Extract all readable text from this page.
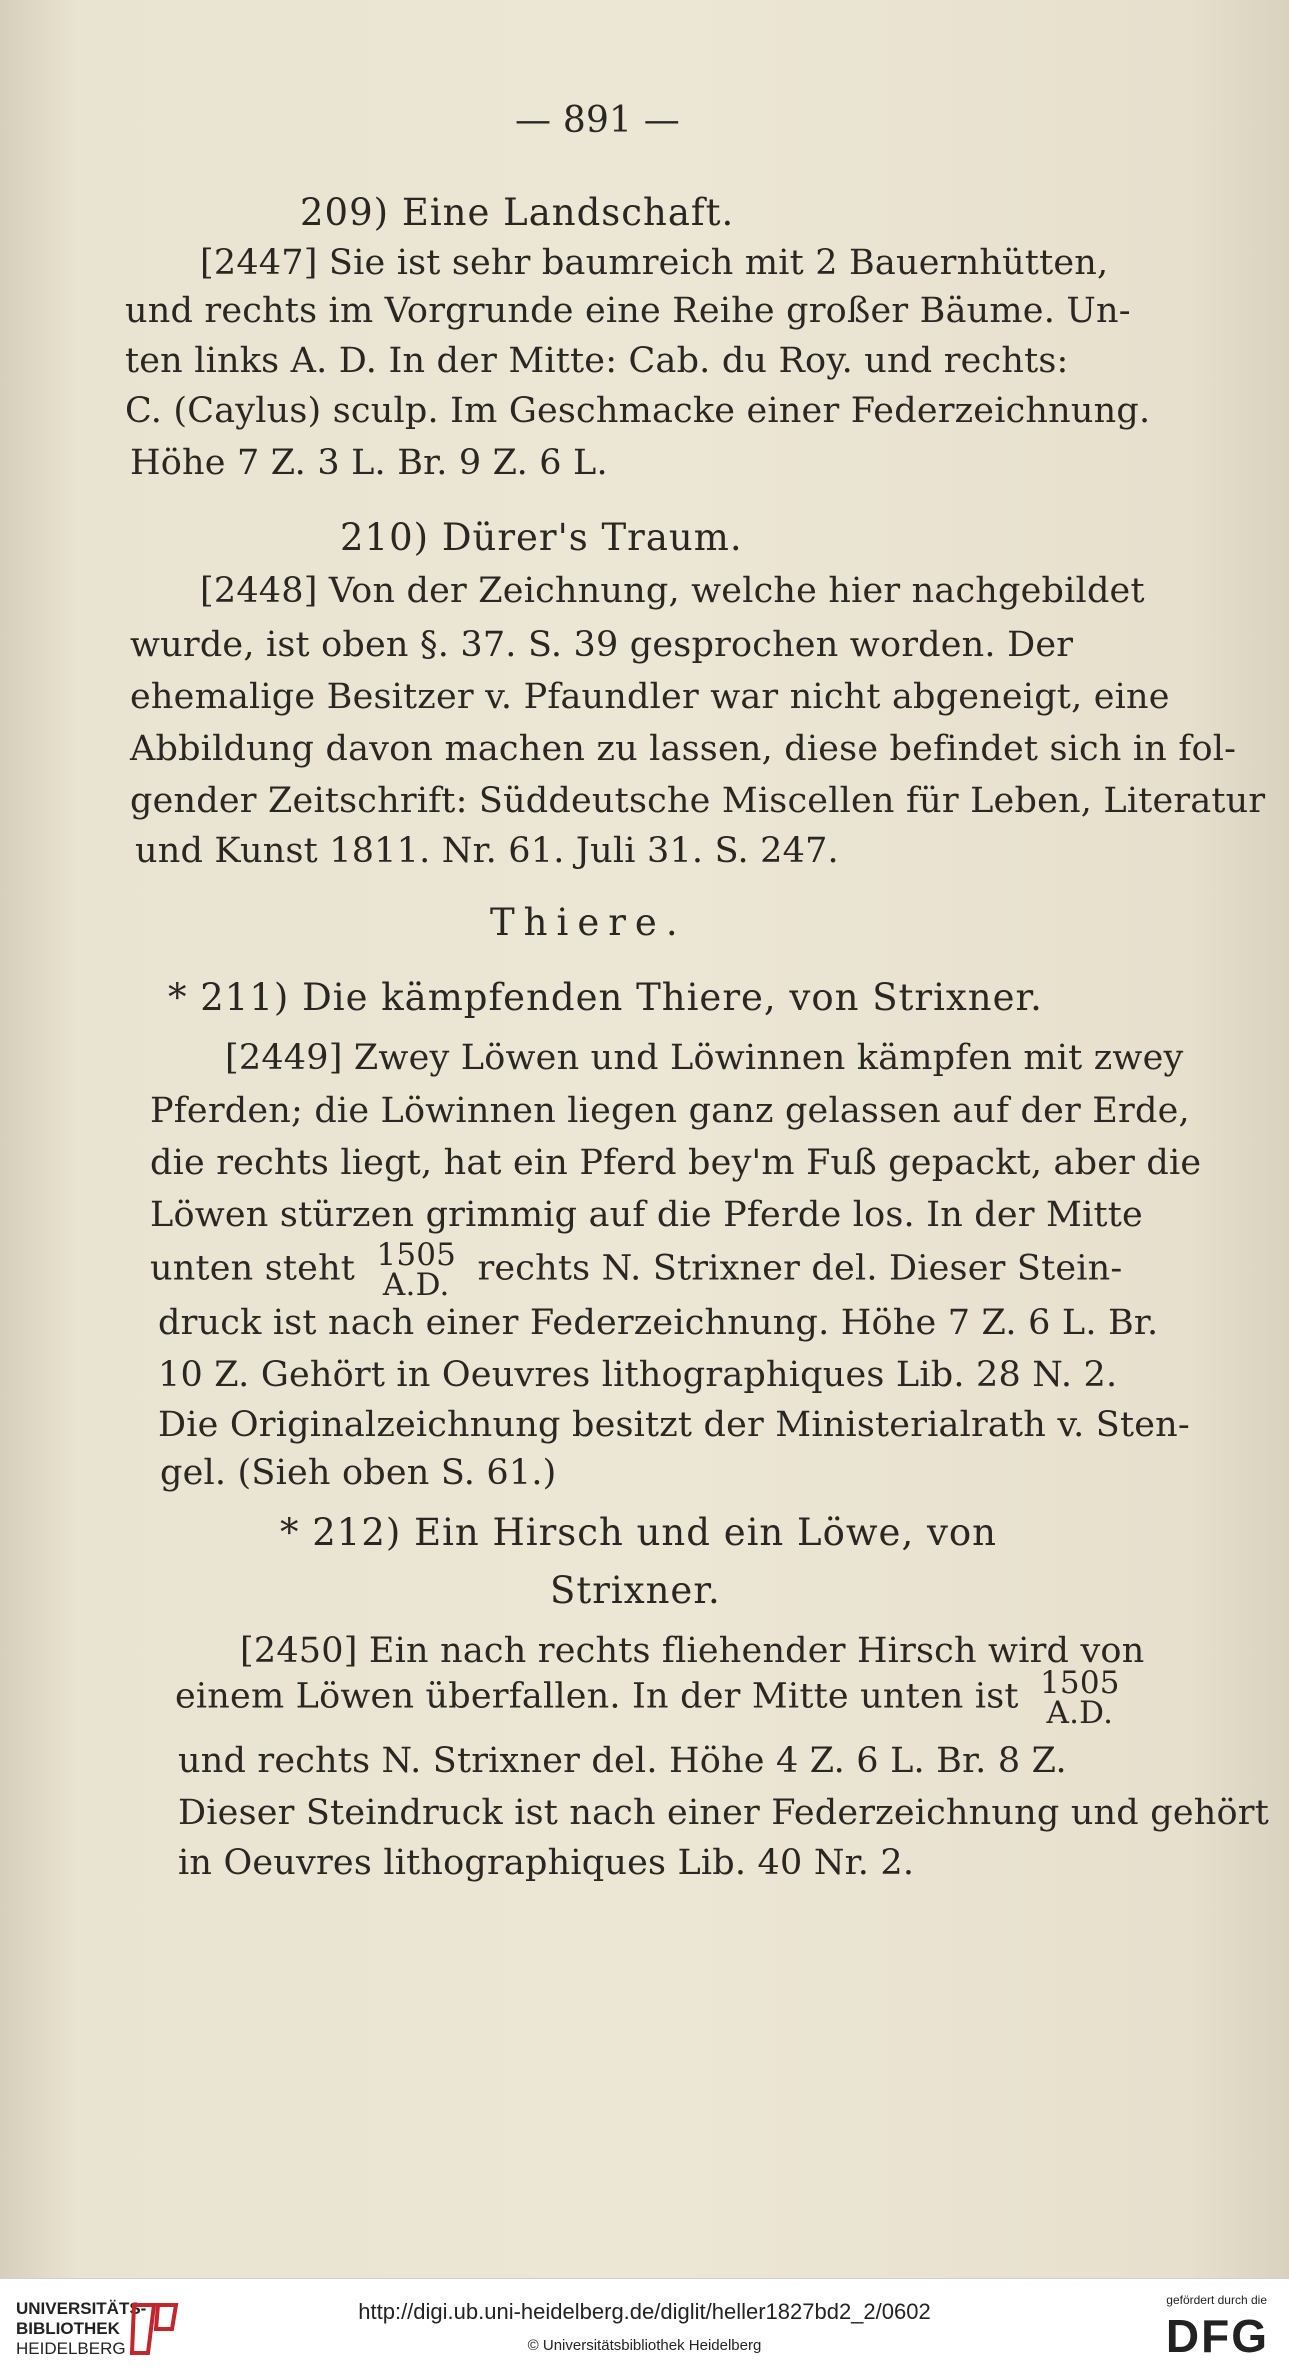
— 891 —
209) Eine Landschaft.
[2447] Sie ist sehr baumreich mit 2 Bauernhütten,
und rechts im Vorgrunde eine Reihe großer Bäume. Un-
ten links A. D. In der Mitte: Cab. du Roy. und rechts:
C. (Caylus) sculp. Im Geschmacke einer Federzeichnung.
Höhe 7 Z. 3 L. Br. 9 Z. 6 L.
210) Dürer's Traum.
[2448] Von der Zeichnung, welche hier nachgebildet
wurde, ist oben §. 37. S. 39 gesprochen worden. Der
ehemalige Besitzer v. Pfaundler war nicht abgeneigt, eine
Abbildung davon machen zu lassen, diese befindet sich in fol-
gender Zeitschrift: Süddeutsche Miscellen für Leben, Literatur
und Kunst 1811. Nr. 61. Juli 31. S. 247.
Thiere.
* 211) Die kämpfenden Thiere, von Strixner.
[2449] Zwey Löwen und Löwinnen kämpfen mit zwey
Pferden; die Löwinnen liegen ganz gelassen auf der Erde,
die rechts liegt, hat ein Pferd bey'm Fuß gepackt, aber die
Löwen stürzen grimmig auf die Pferde los. In der Mitte
unten steht 1505
A.D. rechts N. Strixner del. Dieser Stein-
druck ist nach einer Federzeichnung. Höhe 7 Z. 6 L. Br.
10 Z. Gehört in Oeuvres lithographiques Lib. 28 N. 2.
Die Originalzeichnung besitzt der Ministerialrath v. Sten-
gel. (Sieh oben S. 61.)
* 212) Ein Hirsch und ein Löwe, von
Strixner.
[2450] Ein nach rechts fliehender Hirsch wird von
einem Löwen überfallen. In der Mitte unten ist 1505
A.D.
und rechts N. Strixner del. Höhe 4 Z. 6 L. Br. 8 Z.
Dieser Steindruck ist nach einer Federzeichnung und gehört
in Oeuvres lithographiques Lib. 40 Nr. 2.
UNIVERSITÄTS-
BIBLIOTHEK
HEIDELBERG
http://digi.ub.uni-heidelberg.de/diglit/heller1827bd2_2/0602
© Universitätsbibliothek Heidelberg
gefördert durch die
DFG
